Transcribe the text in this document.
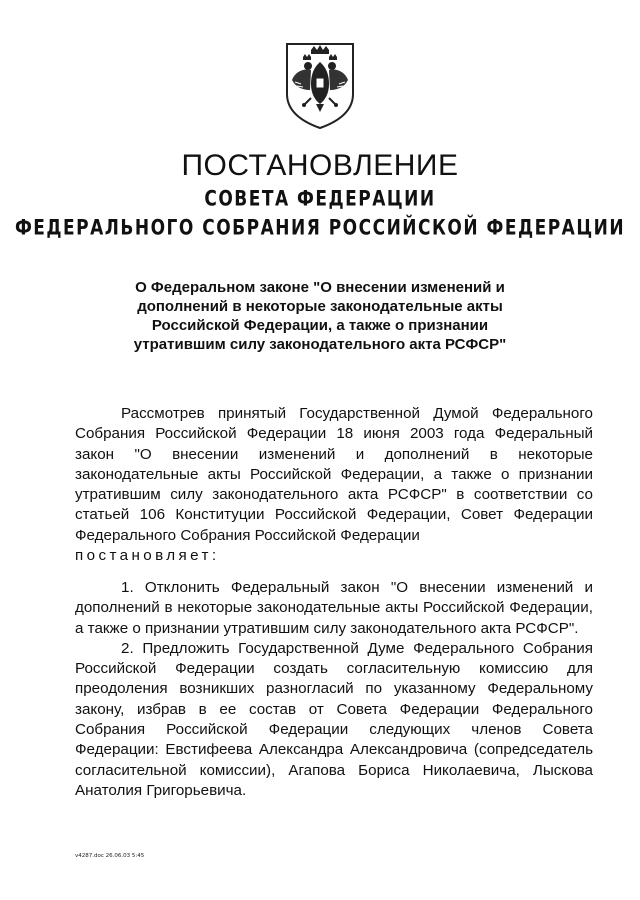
ПОСТАНОВЛЕНИЕ
СОВЕТА ФЕДЕРАЦИИ
ФЕДЕРАЛЬНОГО СОБРАНИЯ РОССИЙСКОЙ ФЕДЕРАЦИИ
О Федеральном законе "О внесении изменений и дополнений в некоторые законодательные акты Российской Федерации, а также о признании утратившим силу законодательного акта РСФСР"

Рассмотрев принятый Государственной Думой Федерального Собрания Российской Федерации 18 июня 2003 года Федеральный закон "О внесении изменений и дополнений в некоторые законодательные акты Российской Федерации, а также о признании утратившим силу законодательного акта РСФСР" в соответствии со статьей 106 Конституции Российской Федерации, Совет Федерации Федерального Собрания Российской Федерации
постановляет:

1. Отклонить Федеральный закон "О внесении изменений и дополнений в некоторые законодательные акты Российской Федерации, а также о признании утратившим силу законодательного акта РСФСР".

2. Предложить Государственной Думе Федерального Собрания Российской Федерации создать согласительную комиссию для преодоления возникших разногласий по указанному Федеральному закону, избрав в ее состав от Совета Федерации Федерального Собрания Российской Федерации следующих членов Совета Федерации: Евстифеева Александра Александровича (сопредседатель согласительной комиссии), Агапова Бориса Николаевича, Лыскова Анатолия Григорьевича.

v4287.doc 26.06.03 5:45
